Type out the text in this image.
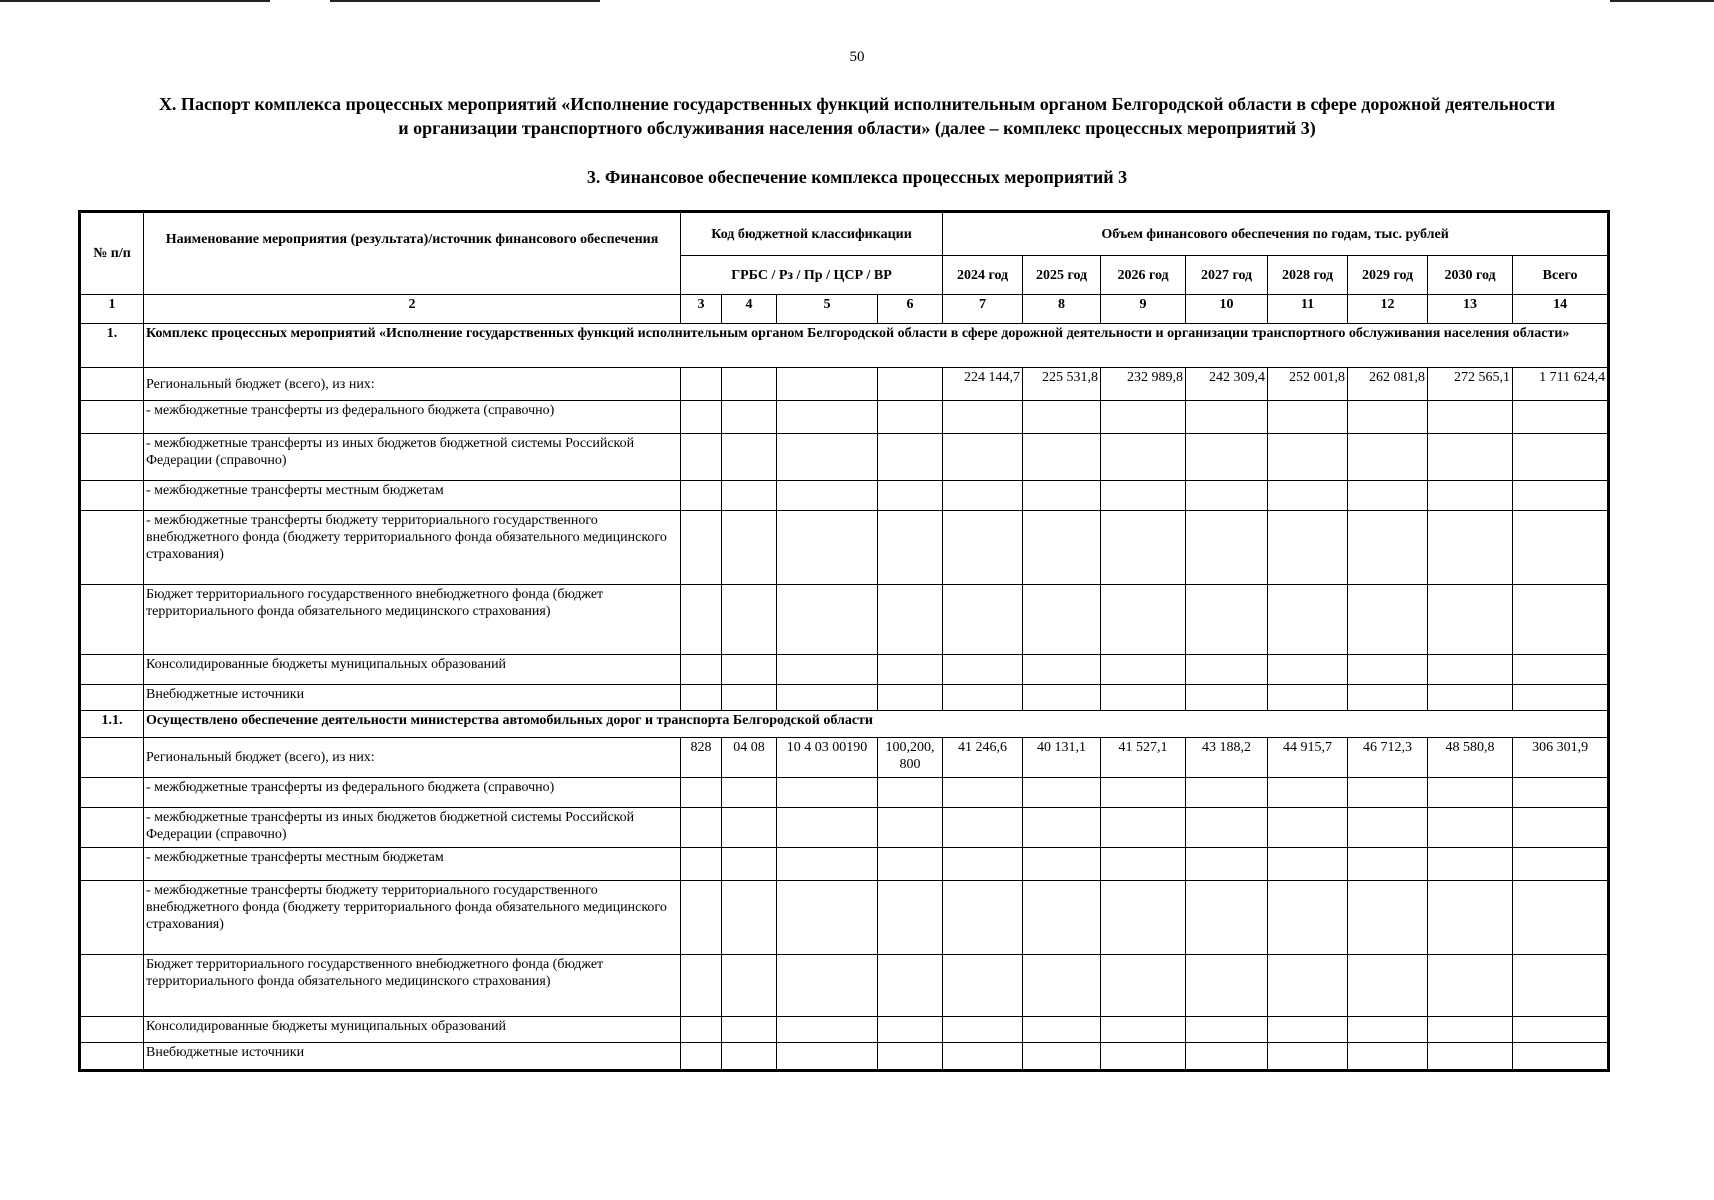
50
X. Паспорт комплекса процессных мероприятий «Исполнение государственных функций исполнительным органом Белгородской области в сфере дорожной деятельности
и организации транспортного обслуживания населения области» (далее – комплекс процессных мероприятий 3)
3. Финансовое обеспечение комплекса процессных мероприятий 3
№ п/п	Наименование мероприятия (результата)/источник финансового обеспечения	Код бюджетной классификации				Объем финансового обеспечения по годам, тыс. рублей							
		ГРБС / Рз / Пр / ЦСР / ВР				2024 год	2025 год	2026 год	2027 год	2028 год	2029 год	2030 год	Всего
1	2	3	4	5	6	7	8	9	10	11	12	13	14
1.	Комплекс процессных мероприятий «Исполнение государственных функций исполнительным органом Белгородской области в сфере дорожной деятельности и организации транспортного обслуживания населения области»												
	Региональный бюджет (всего), из них:					224 144,7	225 531,8	232 989,8	242 309,4	252 001,8	262 081,8	272 565,1	1 711 624,4
	- межбюджетные трансферты из федерального бюджета (справочно)												
	- межбюджетные трансферты из иных бюджетов бюджетной системы Российской Федерации (справочно)												
	- межбюджетные трансферты местным бюджетам												
	- межбюджетные трансферты бюджету территориального государственного внебюджетного фонда (бюджету территориального фонда обязательного медицинского страхования)												
	Бюджет территориального государственного внебюджетного фонда (бюджет территориального фонда обязательного медицинского страхования)												
	Консолидированные бюджеты муниципальных образований												
	Внебюджетные источники												
1.1.	Осуществлено обеспечение деятельности министерства автомобильных дорог и транспорта Белгородской области												
	Региональный бюджет (всего), из них:	828	04 08	10 4 03 00190	100,200, 800	41 246,6	40 131,1	41 527,1	43 188,2	44 915,7	46 712,3	48 580,8	306 301,9
	- межбюджетные трансферты из федерального бюджета (справочно)												
	- межбюджетные трансферты из иных бюджетов бюджетной системы Российской Федерации (справочно)												
	- межбюджетные трансферты местным бюджетам												
	- межбюджетные трансферты бюджету территориального государственного внебюджетного фонда (бюджету территориального фонда обязательного медицинского страхования)												
	Бюджет территориального государственного внебюджетного фонда (бюджет территориального фонда обязательного медицинского страхования)												
	Консолидированные бюджеты муниципальных образований												
	Внебюджетные источники												
